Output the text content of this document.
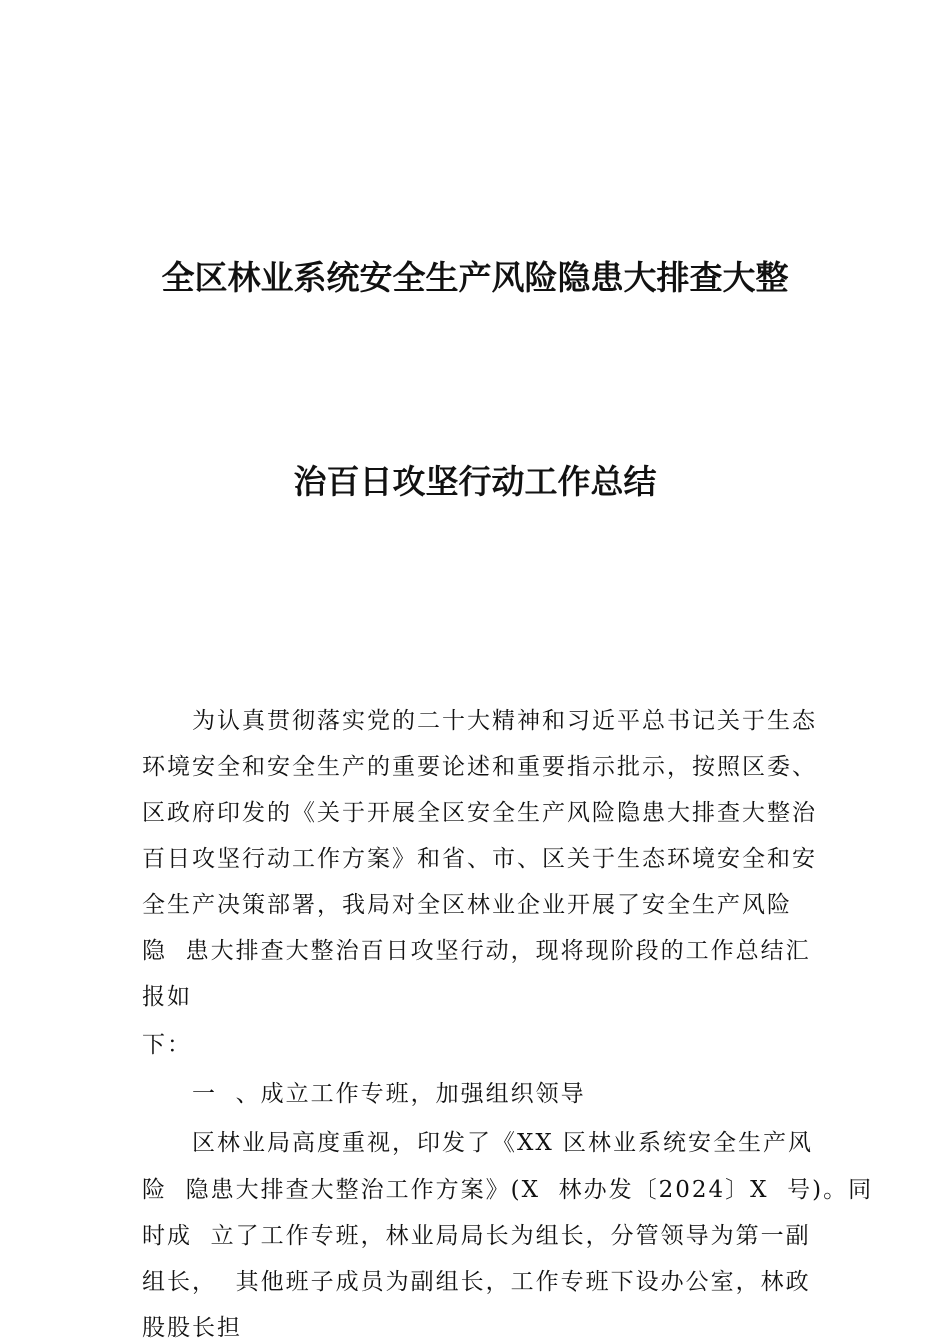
全区林业系统安全生产风险隐患大排查大整
治百日攻坚行动工作总结
为认真贯彻落实党的二十大精神和习近平总书记关于生态
环境安全和安全生产的重要论述和重要指示批示，按照区委、
区政府印发的《关于开展全区安全生产风险隐患大排查大整治
百日攻坚行动工作方案》和省、市、区关于生态环境安全和安
全生产决策部署，我局对全区林业企业开展了安全生产风险
隐  患大排查大整治百日攻坚行动，现将现阶段的工作总结汇
报如
下：
一  、成立工作专班，加强组织领导
区林业局高度重视，印发了《XX 区林业系统安全生产风
险  隐患大排查大整治工作方案》(X  林办发〔2024〕X  号)。同
时成  立了工作专班，林业局局长为组长，分管领导为第一副
组长，  其他班子成员为副组长，工作专班下设办公室，林政
股股长担
